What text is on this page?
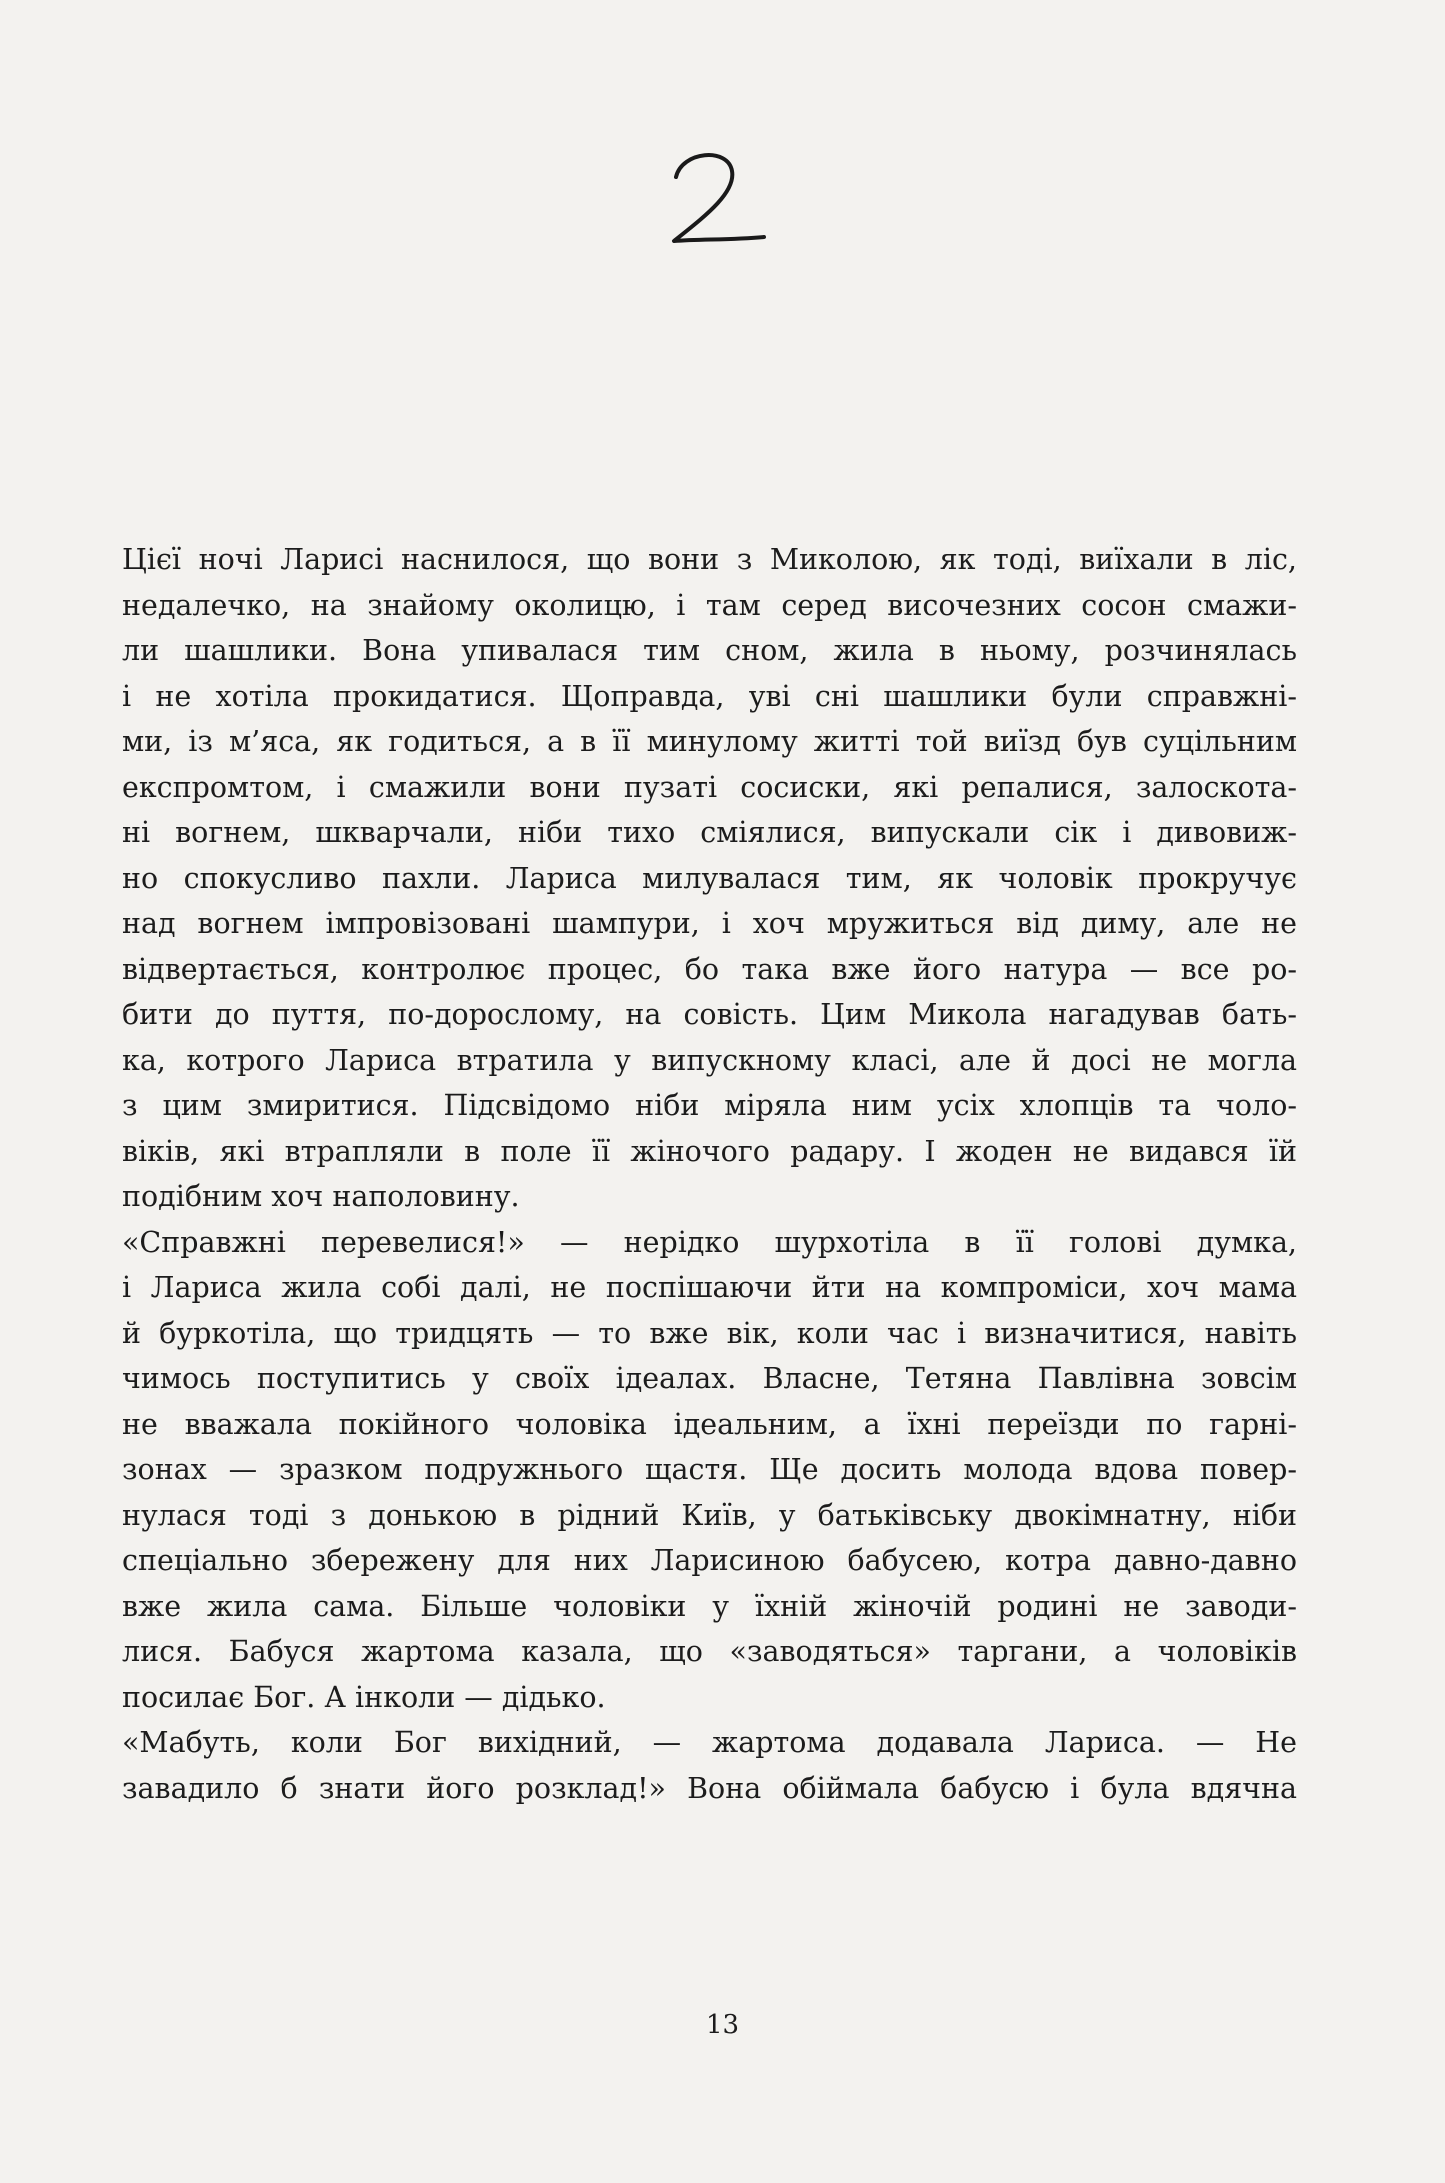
Цієї ночі Ларисі наснилося, що вони з Миколою, як тоді, виїхали в ліс,
недалечко, на знайому околицю, і там серед височезних сосон смажи-
ли шашлики. Вона упивалася тим сном, жила в ньому, розчинялась
і не хотіла прокидатися. Щоправда, уві сні шашлики були справжні-
ми, із м’яса, як годиться, а в її минулому житті той виїзд був суцільним
експромтом, і смажили вони пузаті сосиски, які репалися, залоскота-
ні вогнем, шкварчали, ніби тихо сміялися, випускали сік і дивовиж-
но спокусливо пахли. Лариса милувалася тим, як чоловік прокручує
над вогнем імпровізовані шампури, і хоч мружиться від диму, але не
відвертається, контролює процес, бо така вже його натура — все ро-
бити до пуття, по-дорослому, на совість. Цим Микола нагадував бать-
ка, котрого Лариса втратила у випускному класі, але й досі не могла
з цим змиритися. Підсвідомо ніби міряла ним усіх хлопців та чоло-
віків, які втрапляли в поле її жіночого радару. І жоден не видався їй
подібним хоч наполовину.
«Справжні перевелися!» — нерідко шурхотіла в її голові думка,
і Лариса жила собі далі, не поспішаючи йти на компроміси, хоч мама
й буркотіла, що тридцять — то вже вік, коли час і визначитися, навіть
чимось поступитись у своїх ідеалах. Власне, Тетяна Павлівна зовсім
не вважала покійного чоловіка ідеальним, а їхні переїзди по гарні-
зонах — зразком подружнього щастя. Ще досить молода вдова повер-
нулася тоді з донькою в рідний Київ, у батьківську двокімнатну, ніби
спеціально збережену для них Ларисиною бабусею, котра давно-давно
вже жила сама. Більше чоловіки у їхній жіночій родині не заводи-
лися. Бабуся жартома казала, що «заводяться» таргани, а чоловіків
посилає Бог. А інколи — дідько.
«Мабуть, коли Бог вихідний, — жартома додавала Лариса. — Не
завадило б знати його розклад!» Вона обіймала бабусю і була вдячна
13
